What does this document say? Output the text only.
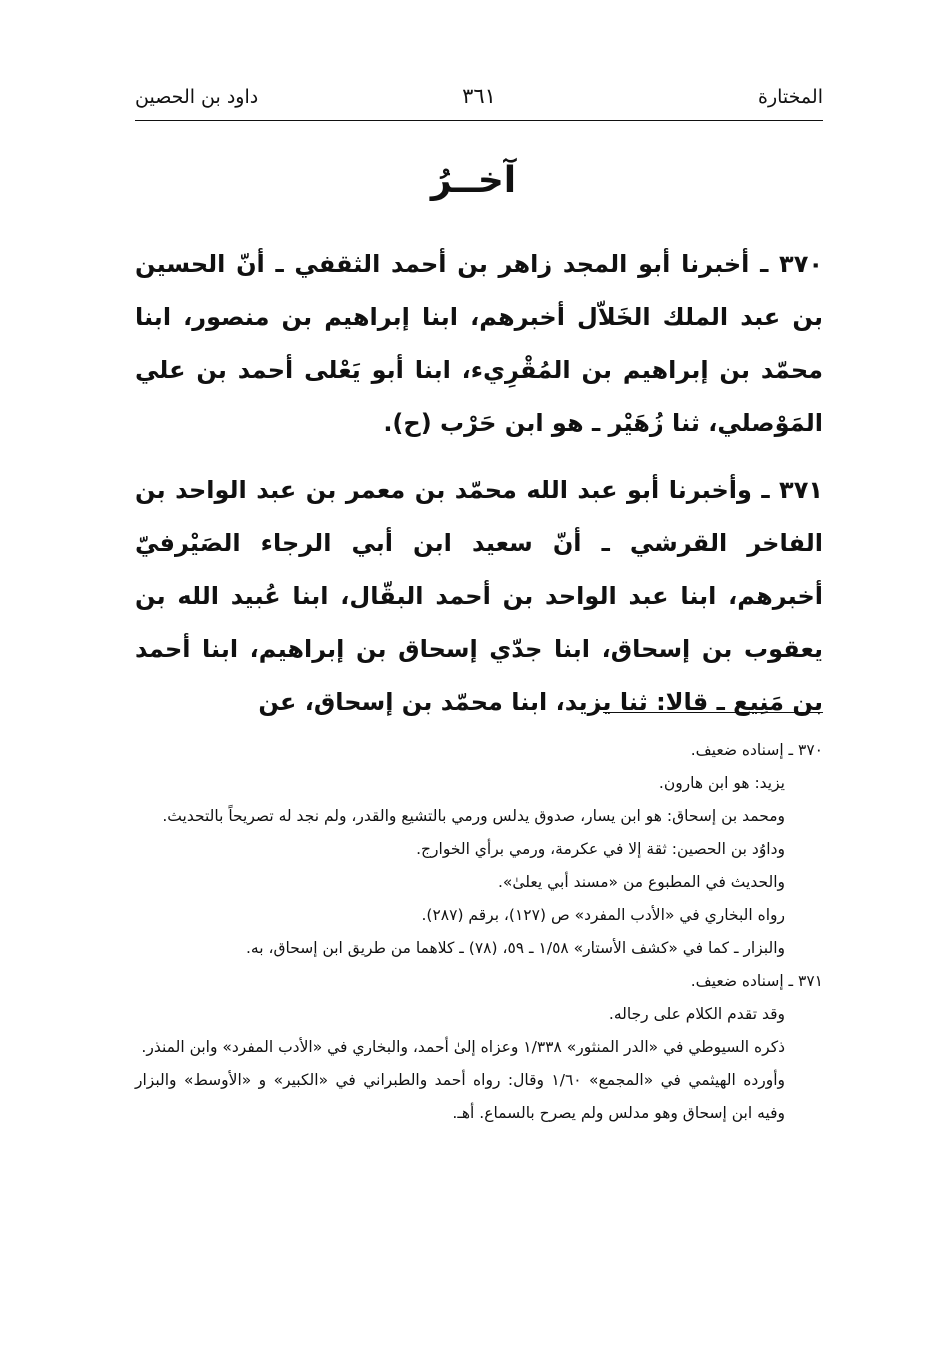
المختارة
٣٦١
داود بن الحصين
آخــرُ

٣٧٠ ـ أخبرنا أبو المجد زاهر بن أحمد الثقفي ـ أنّ الحسين بن عبد الملك الخَلاّل أخبرهم، ابنا إبراهيم بن منصور، ابنا محمّد بن إبراهيم بن المُقْرِيء، ابنا أبو يَعْلى أحمد بن علي المَوْصلي، ثنا زُهَيْر ـ هو ابن حَرْب (ح).

٣٧١ ـ وأخبرنا أبو عبد الله محمّد بن معمر بن عبد الواحد بن الفاخر القرشي ـ أنّ سعيد ابن أبي الرجاء الصَيْرفيّ أخبرهم، ابنا عبد الواحد بن أحمد البقّال، ابنا عُبيد الله بن يعقوب بن إسحاق، ابنا جدّي إسحاق بن إبراهيم، ابنا أحمد بن مَنِيع ـ قالا: ثنا يزيد، ابنا محمّد بن إسحاق، عن

٣٧٠ ـ إسناده ضعيف.

يزيد: هو ابن هارون.

ومحمد بن إسحاق: هو ابن يسار، صدوق يدلس ورمي بالتشيع والقدر، ولم نجد له تصريحاً بالتحديث.

وداوُد بن الحصين: ثقة إلا في عكرمة، ورمي برأي الخوارج.

والحديث في المطبوع من «مسند أبي يعلىٰ».

رواه البخاري في «الأدب المفرد» ص (١٢٧)، برقم (٢٨٧).

والبزار ـ كما في «كشف الأستار» ١/٥٨ ـ ٥٩، (٧٨) ـ كلاهما من طريق ابن إسحاق، به.

٣٧١ ـ إسناده ضعيف.

وقد تقدم الكلام على رجاله.

ذكره السيوطي في «الدر المنثور» ١/٣٣٨ وعزاه إلىٰ أحمد، والبخاري في «الأدب المفرد» وابن المنذر.

وأورده الهيثمي في «المجمع» ١/٦٠ وقال: رواه أحمد والطبراني في «الكبير» و «الأوسط» والبزار وفيه ابن إسحاق وهو مدلس ولم يصرح بالسماع. أهـ.
